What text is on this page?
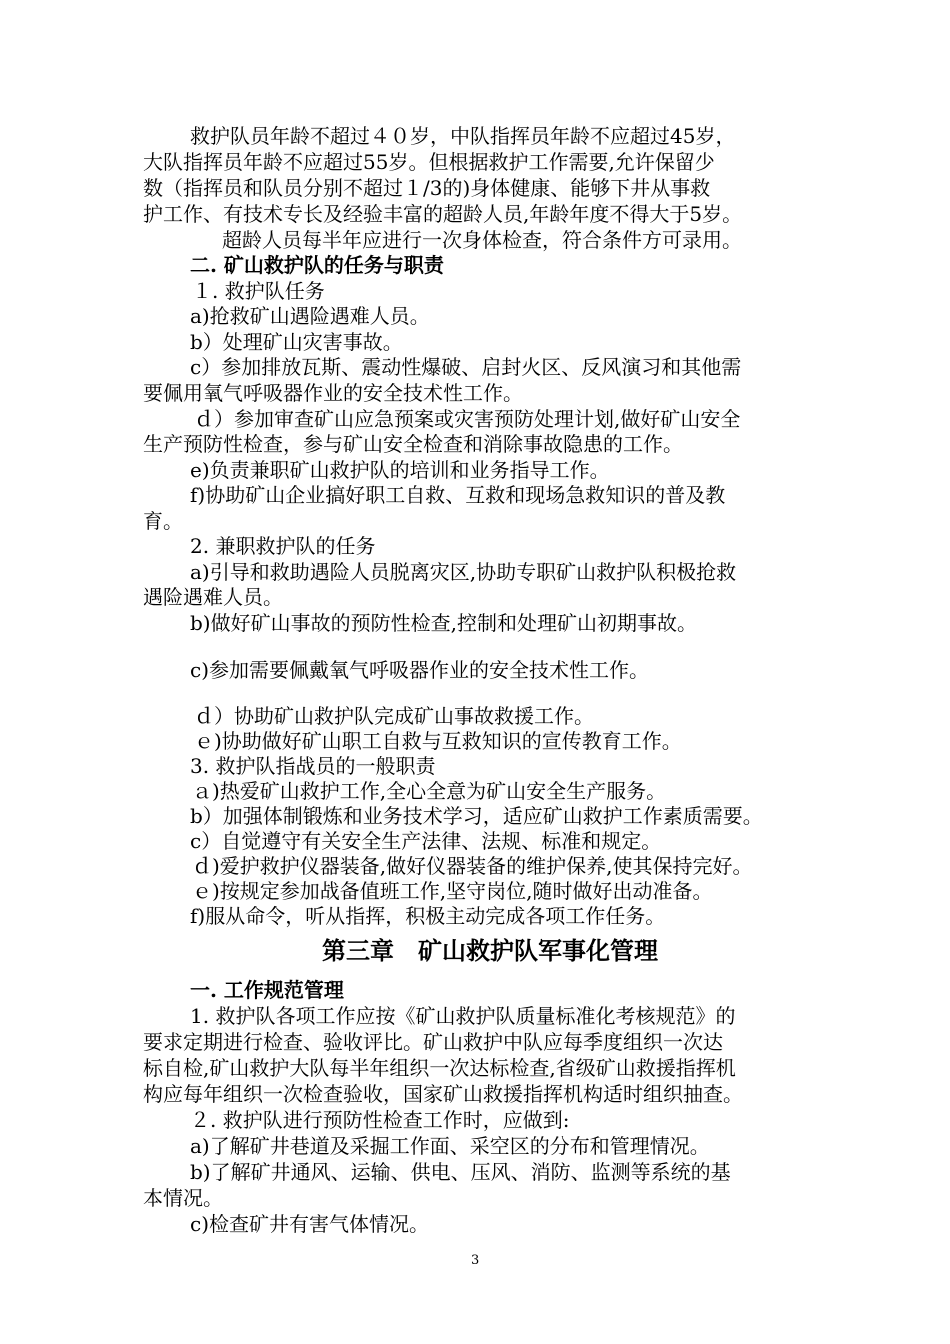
救护队员年龄不超过４０岁，中队指挥员年龄不应超过45岁，
大队指挥员年龄不应超过55岁。但根据救护工作需要,允许保留少
数（指挥员和队员分别不超过１/3的)身体健康、能够下井从事救
护工作、有技术专长及经验丰富的超龄人员,年龄年度不得大于5岁。
超龄人员每半年应进行一次身体检查，符合条件方可录用。
二. 矿山救护队的任务与职责
１. 救护队任务
a)抢救矿山遇险遇难人员。
b）处理矿山灾害事故。
c）参加排放瓦斯、震动性爆破、启封火区、反风演习和其他需
要佩用氧气呼吸器作业的安全技术性工作。
ｄ）参加审查矿山应急预案或灾害预防处理计划,做好矿山安全
生产预防性检查，参与矿山安全检查和消除事故隐患的工作。
e)负责兼职矿山救护队的培训和业务指导工作。
f)协助矿山企业搞好职工自救、互救和现场急救知识的普及教
育。
2. 兼职救护队的任务
a)引导和救助遇险人员脱离灾区,协助专职矿山救护队积极抢救
遇险遇难人员。
b)做好矿山事故的预防性检查,控制和处理矿山初期事故。
c)参加需要佩戴氧气呼吸器作业的安全技术性工作。
ｄ）协助矿山救护队完成矿山事故救援工作。
ｅ)协助做好矿山职工自救与互救知识的宣传教育工作。
3. 救护队指战员的一般职责
ａ)热爱矿山救护工作,全心全意为矿山安全生产服务。
b）加强体制锻炼和业务技术学习，适应矿山救护工作素质需要。
c）自觉遵守有关安全生产法律、法规、标准和规定。
ｄ)爱护救护仪器装备,做好仪器装备的维护保养,使其保持完好。
ｅ)按规定参加战备值班工作,坚守岗位,随时做好出动准备。
f)服从命令，听从指挥，积极主动完成各项工作任务。
第三章　矿山救护队军事化管理
一. 工作规范管理
1. 救护队各项工作应按《矿山救护队质量标准化考核规范》的
要求定期进行检查、验收评比。矿山救护中队应每季度组织一次达
标自检,矿山救护大队每半年组织一次达标检查,省级矿山救援指挥机
构应每年组织一次检查验收，国家矿山救援指挥机构适时组织抽查。
２. 救护队进行预防性检查工作时，应做到:
a)了解矿井巷道及采掘工作面、采空区的分布和管理情况。
b)了解矿井通风、运输、供电、压风、消防、监测等系统的基
本情况。
c)检查矿井有害气体情况。
3
